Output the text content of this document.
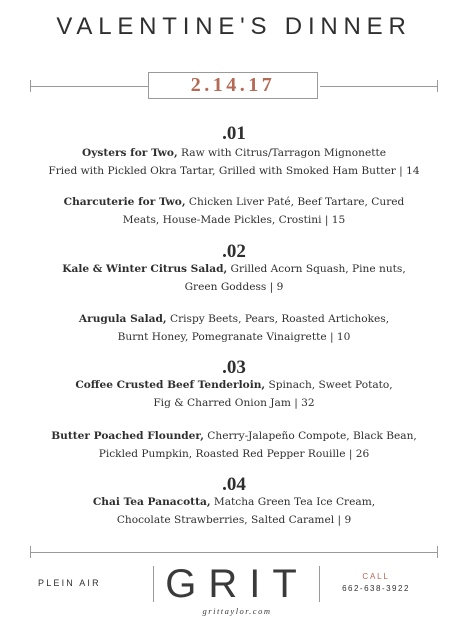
VALENTINE'S DINNER
2.14.17
.01
Oysters for Two, Raw with Citrus/Tarragon Mignonette
Fried with Pickled Okra Tartar, Grilled with Smoked Ham Butter | 14
Charcuterie for Two, Chicken Liver Paté, Beef Tartare, Cured
Meats, House-Made Pickles, Crostini | 15
.02
Kale & Winter Citrus Salad, Grilled Acorn Squash, Pine nuts,
Green Goddess | 9
Arugula Salad, Crispy Beets, Pears, Roasted Artichokes,
Burnt Honey, Pomegranate Vinaigrette | 10
.03
Coffee Crusted Beef Tenderloin, Spinach, Sweet Potato,
Fig & Charred Onion Jam | 32
Butter Poached Flounder, Cherry-Jalapeño Compote, Black Bean,
Pickled Pumpkin, Roasted Red Pepper Rouille | 26
.04
Chai Tea Panacotta, Matcha Green Tea Ice Cream,
Chocolate Strawberries, Salted Caramel | 9
PLEIN AIR GRIT
grittaylor.com
CALL
662-638-3922
